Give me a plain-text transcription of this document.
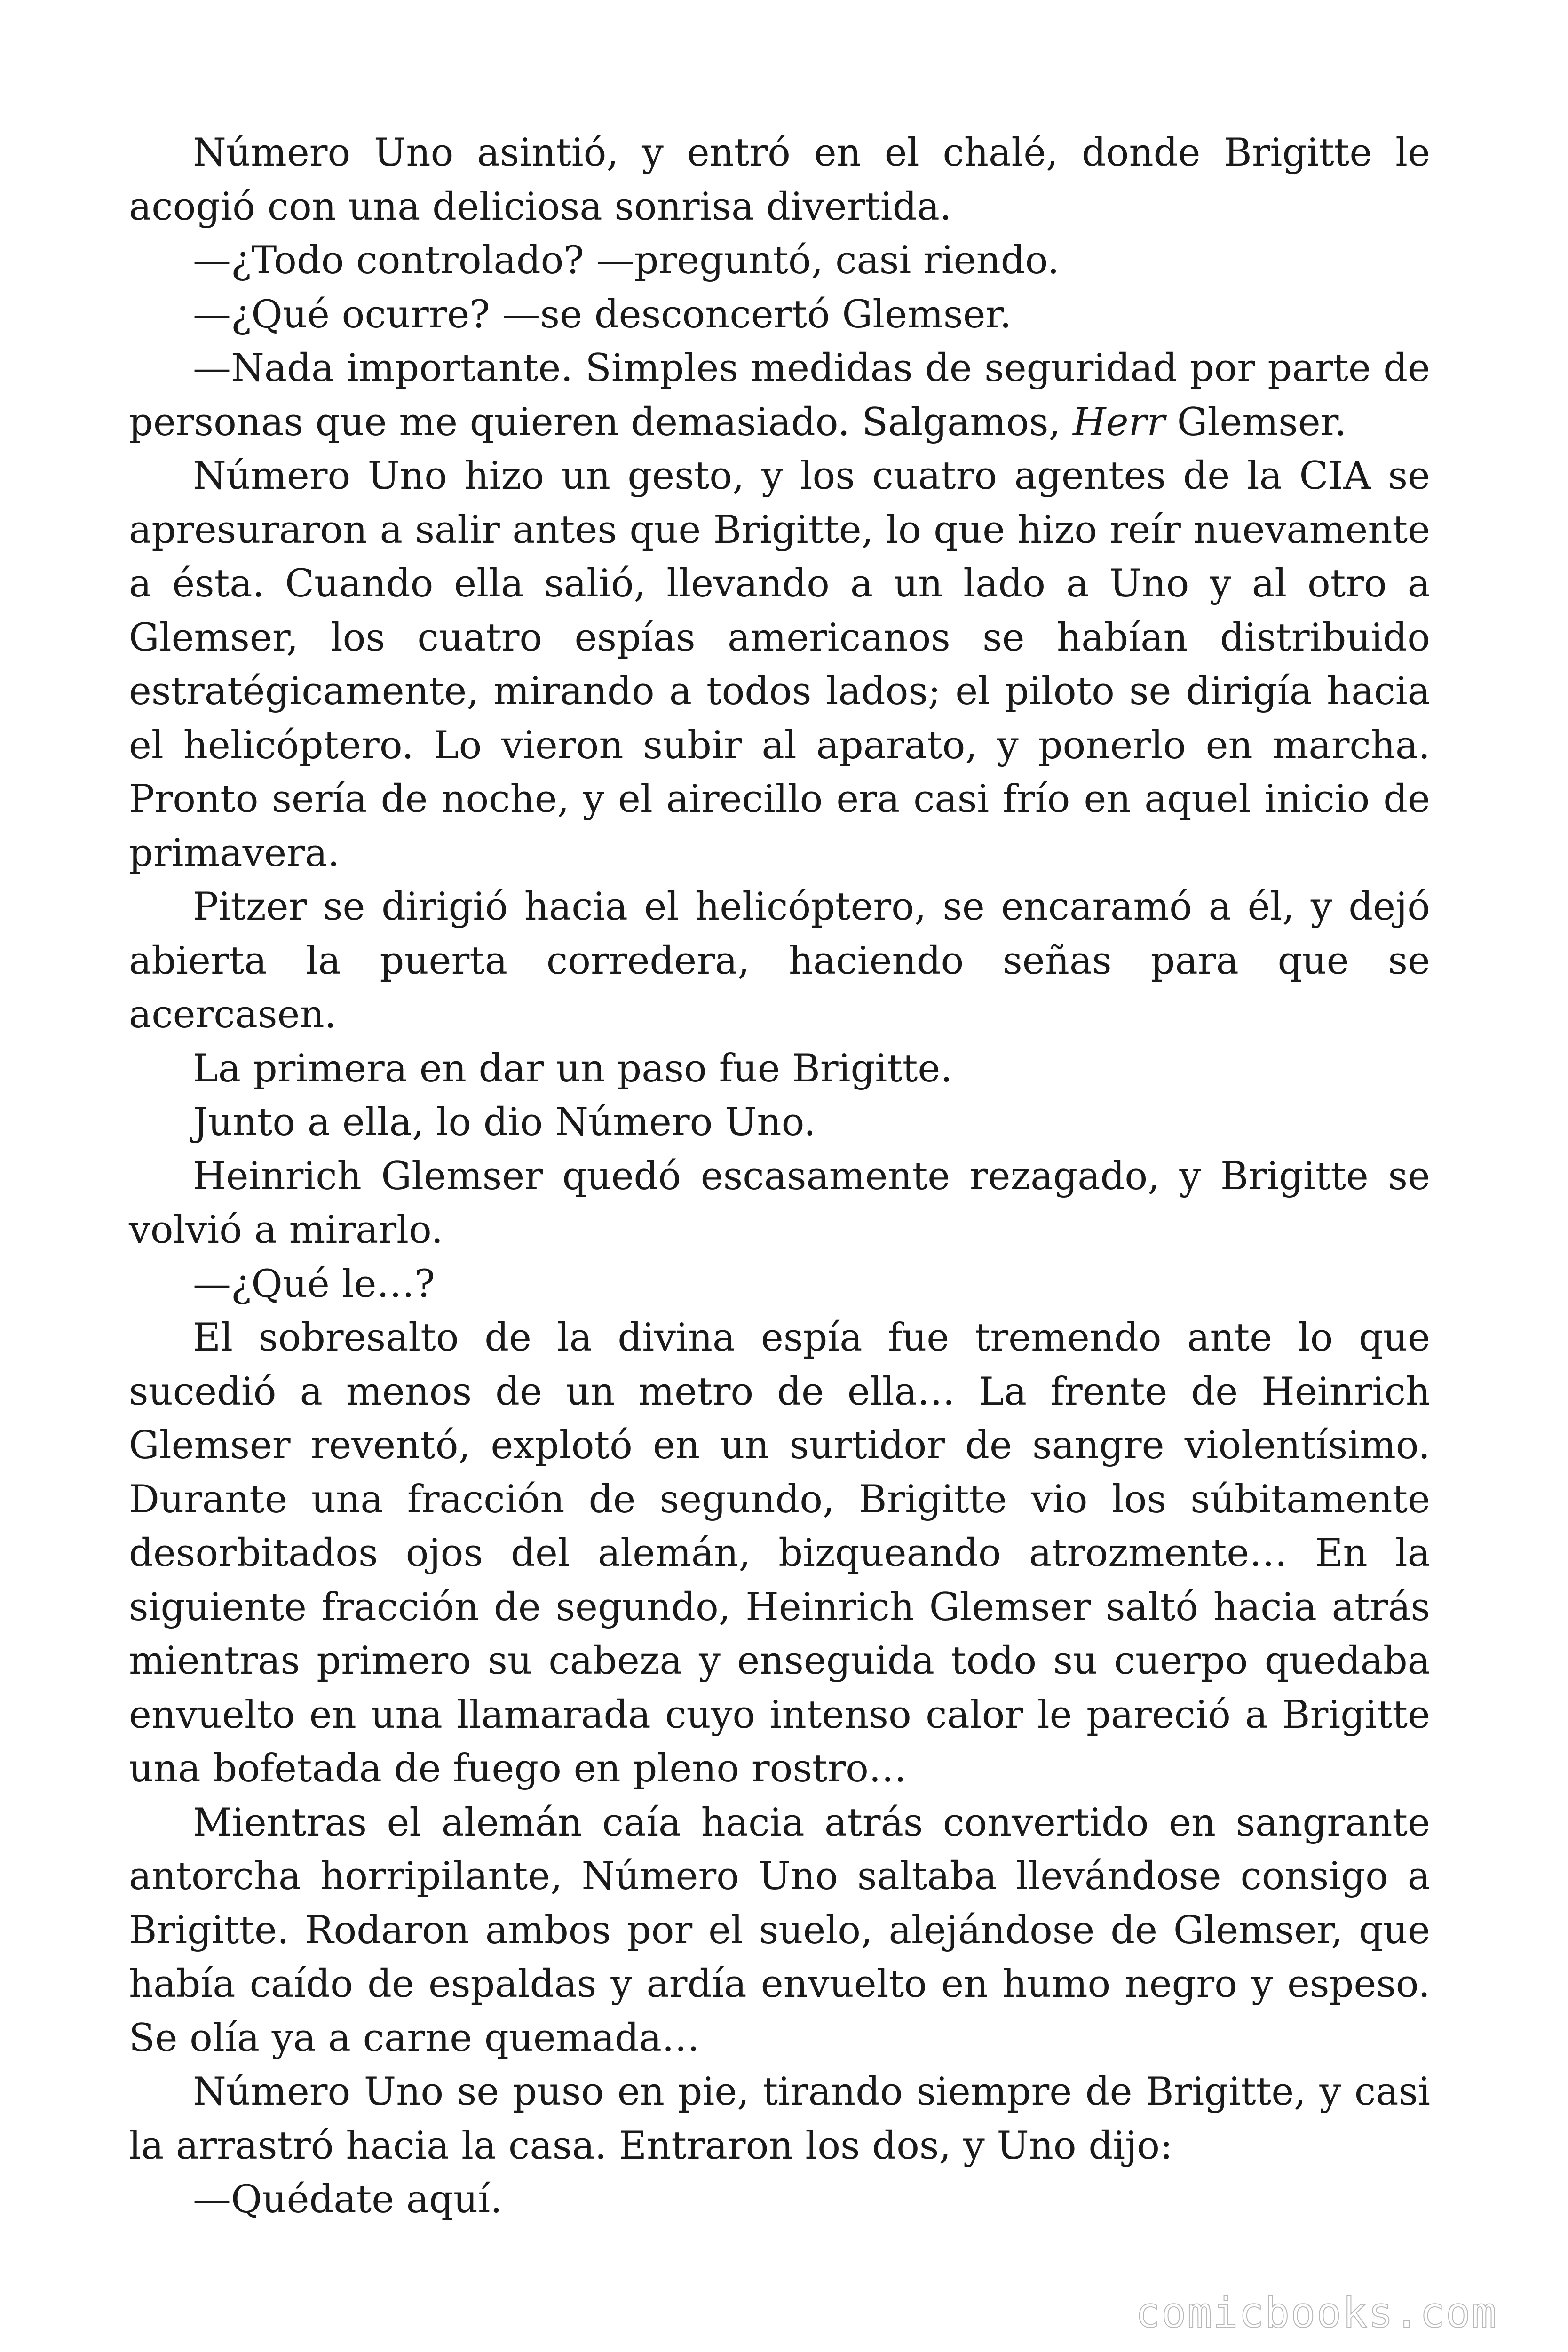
Número Uno asintió, y entró en el chalé, donde Brigitte le acogió con una deliciosa sonrisa divertida.

—¿Todo controlado? —preguntó, casi riendo.

—¿Qué ocurre? —se desconcertó Glemser.

—Nada importante. Simples medidas de seguridad por parte de personas que me quieren demasiado. Salgamos, Herr Glemser.

Número Uno hizo un gesto, y los cuatro agentes de la CIA se apresuraron a salir antes que Brigitte, lo que hizo reír nuevamente a ésta. Cuando ella salió, llevando a un lado a Uno y al otro a Glemser, los cuatro espías americanos se habían distribuido estratégicamente, mirando a todos lados; el piloto se dirigía hacia el helicóptero. Lo vieron subir al aparato, y ponerlo en marcha. Pronto sería de noche, y el airecillo era casi frío en aquel inicio de primavera.

Pitzer se dirigió hacia el helicóptero, se encaramó a él, y dejó abierta la puerta corredera, haciendo señas para que se acercasen.

La primera en dar un paso fue Brigitte.

Junto a ella, lo dio Número Uno.

Heinrich Glemser quedó escasamente rezagado, y Brigitte se volvió a mirarlo.

—¿Qué le…?

El sobresalto de la divina espía fue tremendo ante lo que sucedió a menos de un metro de ella… La frente de Heinrich Glemser reventó, explotó en un surtidor de sangre violentísimo. Durante una fracción de segundo, Brigitte vio los súbitamente desorbitados ojos del alemán, bizqueando atrozmente… En la siguiente fracción de segundo, Heinrich Glemser saltó hacia atrás mientras primero su cabeza y enseguida todo su cuerpo quedaba envuelto en una llamarada cuyo intenso calor le pareció a Brigitte una bofetada de fuego en pleno rostro…

Mientras el alemán caía hacia atrás convertido en sangrante antorcha horripilante, Número Uno saltaba llevándose consigo a Brigitte. Rodaron ambos por el suelo, alejándose de Glemser, que había caído de espaldas y ardía envuelto en humo negro y espeso. Se olía ya a carne quemada…

Número Uno se puso en pie, tirando siempre de Brigitte, y casi la arrastró hacia la casa. Entraron los dos, y Uno dijo:

—Quédate aquí.

comicbooks.com
